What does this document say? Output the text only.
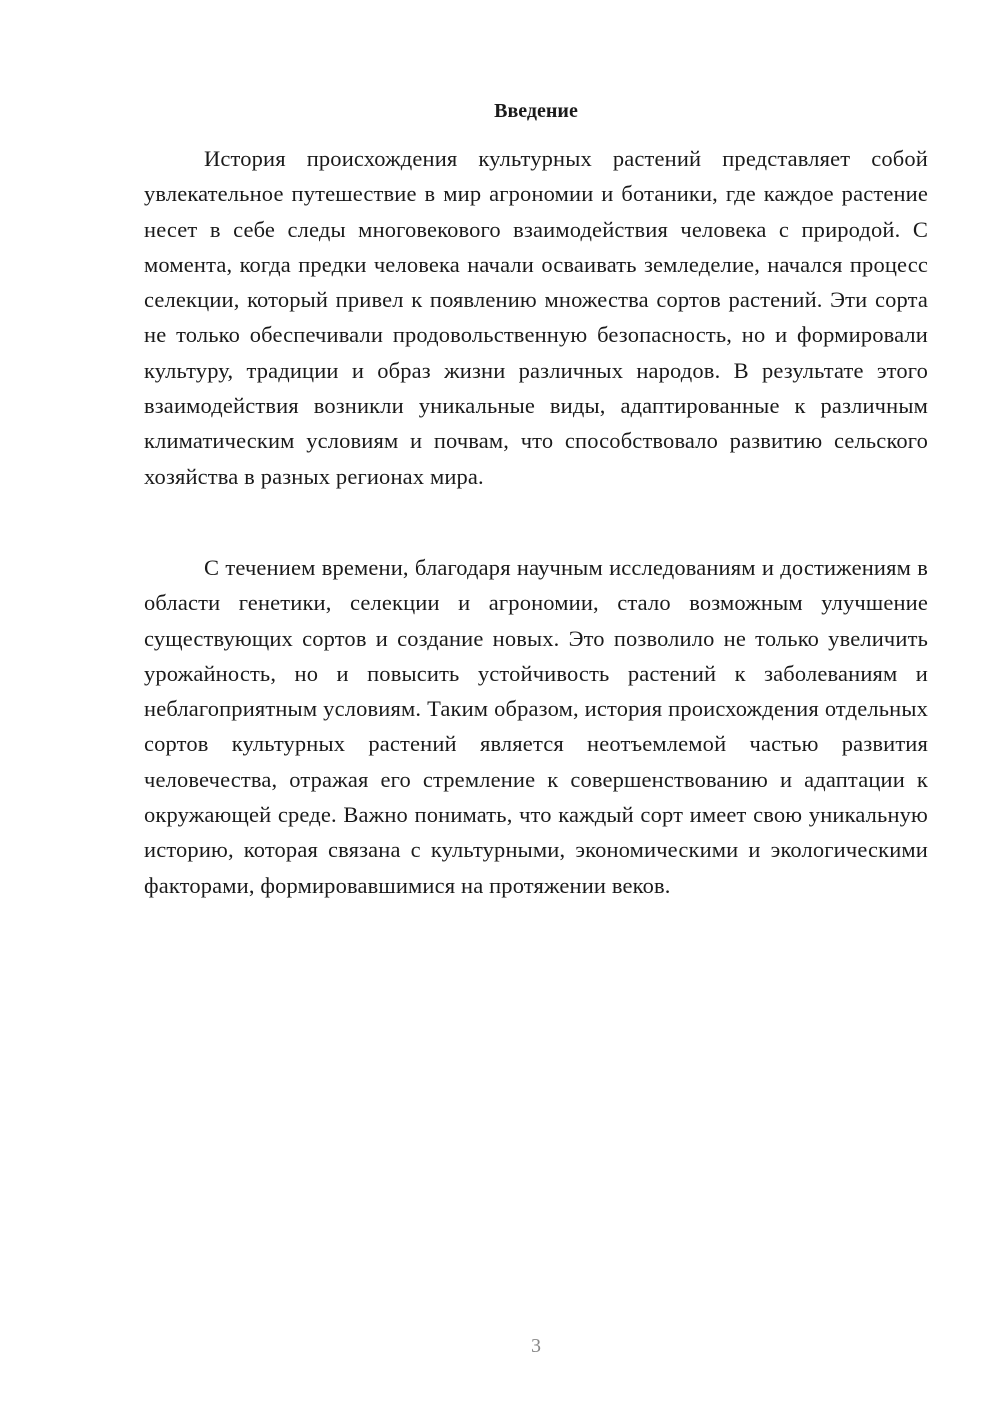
Введение

История происхождения культурных растений представляет собой увлекательное путешествие в мир агрономии и ботаники, где каждое растение несет в себе следы многовекового взаимодействия человека с природой. С момента, когда предки человека начали осваивать земледелие, начался процесс селекции, который привел к появлению множества сортов растений. Эти сорта не только обеспечивали продовольственную безопасность, но и формировали культуру, традиции и образ жизни различных народов. В результате этого взаимодействия возникли уникальные виды, адаптированные к различным климатическим условиям и почвам, что способствовало развитию сельского хозяйства в разных регионах мира.

С течением времени, благодаря научным исследованиям и достижениям в области генетики, селекции и агрономии, стало возможным улучшение существующих сортов и создание новых. Это позволило не только увеличить урожайность, но и повысить устойчивость растений к заболеваниям и неблагоприятным условиям. Таким образом, история происхождения отдельных сортов культурных растений является неотъемлемой частью развития человечества, отражая его стремление к совершенствованию и адаптации к окружающей среде. Важно понимать, что каждый сорт имеет свою уникальную историю, которая связана с культурными, экономическими и экологическими факторами, формировавшимися на протяжении веков.

3
